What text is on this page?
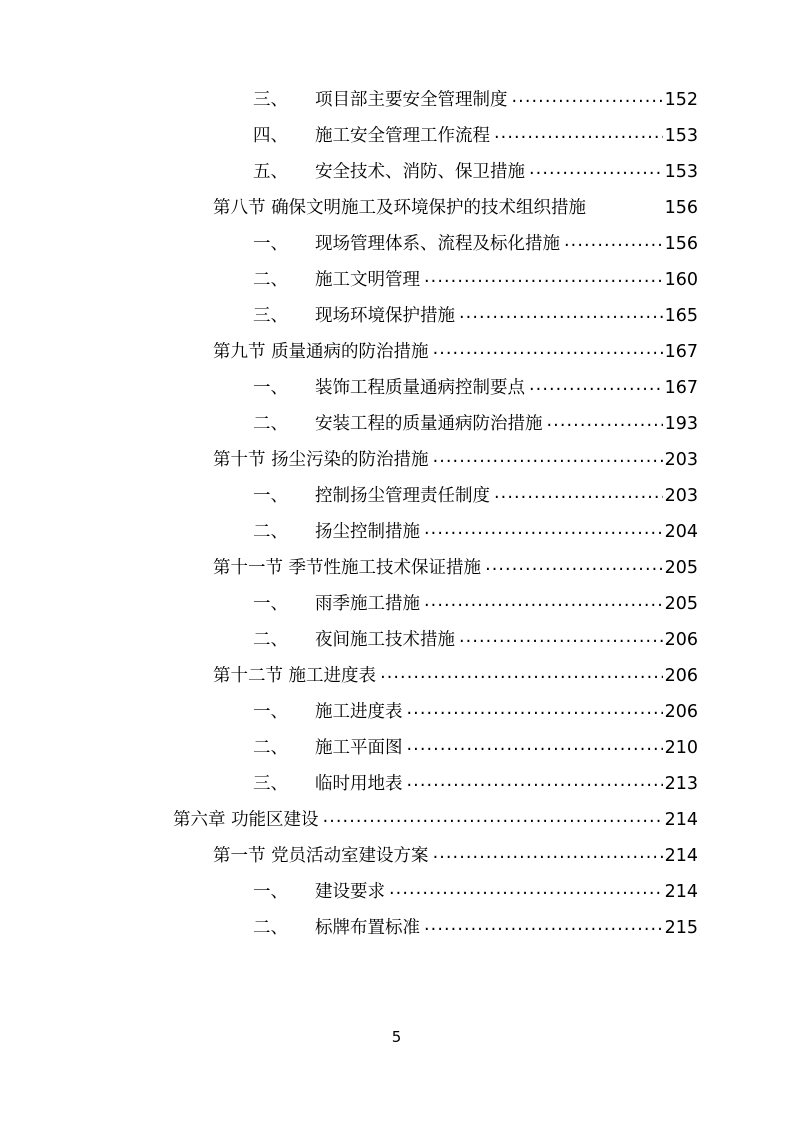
三、	项目部主要安全管理制度 .....	152
四、	施工安全管理工作流程 .....	153
五、	安全技术、消防、保卫措施 .....	153
第八节 确保文明施工及环境保护的技术组织措施	156
一、	现场管理体系、流程及标化措施 .....	156
二、	施工文明管理 .....	160
三、	现场环境保护措施 .....	165
第九节 质量通病的防治措施 .....	167
一、	装饰工程质量通病控制要点 .....	167
二、	安装工程的质量通病防治措施 .....	193
第十节 扬尘污染的防治措施 .....	203
一、	控制扬尘管理责任制度 .....	203
二、	扬尘控制措施 .....	204
第十一节 季节性施工技术保证措施 .....	205
一、	雨季施工措施 .....	205
二、	夜间施工技术措施 .....	206
第十二节 施工进度表 .....	206
一、	施工进度表 .....	206
二、	施工平面图 .....	210
三、	临时用地表 .....	213
第六章 功能区建设 .....	214
第一节 党员活动室建设方案 .....	214
一、	建设要求 .....	214
二、	标牌布置标准 .....	215
5
